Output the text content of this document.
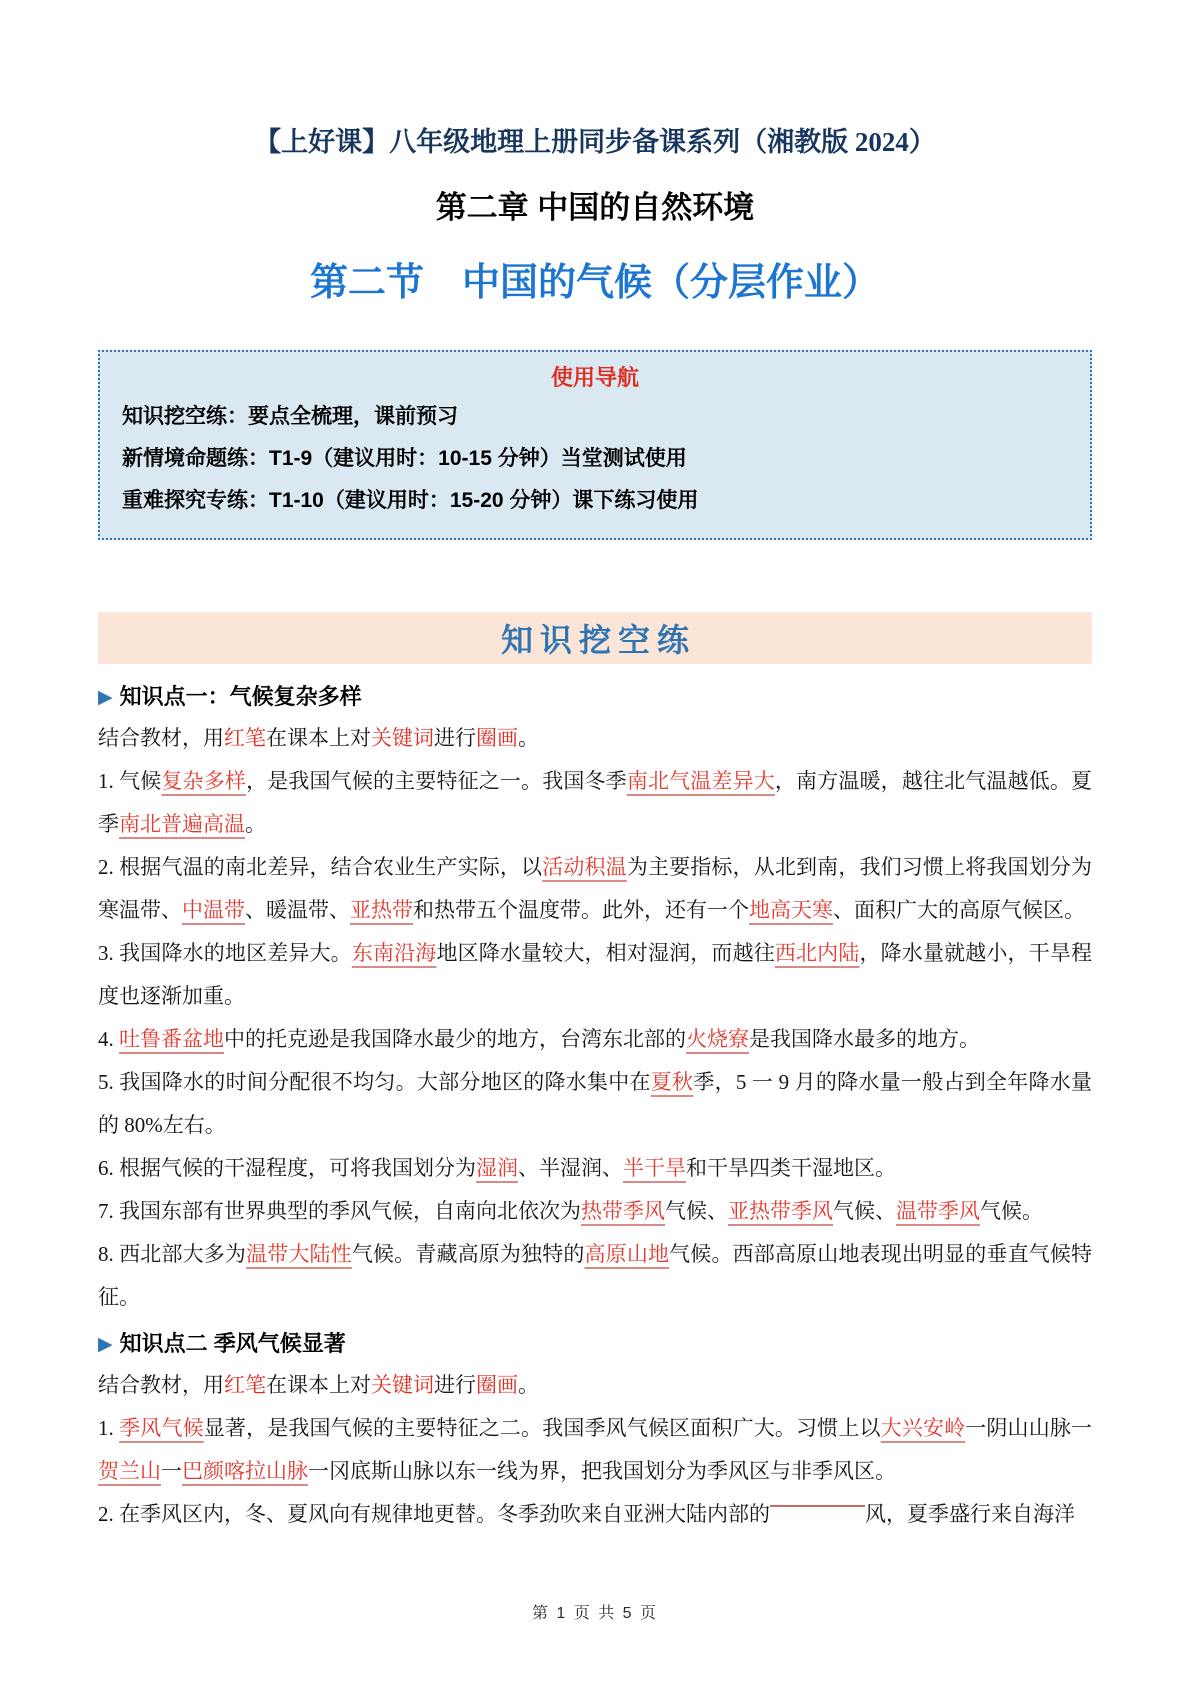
【上好课】八年级地理上册同步备课系列（湘教版 2024）
第二章 中国的自然环境
第二节　中国的气候（分层作业）
使用导航
知识挖空练：要点全梳理，课前预习
新情境命题练：T1-9（建议用时：10-15 分钟）当堂测试使用
重难探究专练：T1-10（建议用时：15-20 分钟）课下练习使用
知识挖空练
▶ 知识点一：气候复杂多样

结合教材，用红笔在课本上对关键词进行圈画。

1. 气候复杂多样，是我国气候的主要特征之一。我国冬季南北气温差异大，南方温暖，越往北气温越低。夏季南北普遍高温。

2. 根据气温的南北差异，结合农业生产实际，以活动积温为主要指标，从北到南，我们习惯上将我国划分为寒温带、中温带、暖温带、亚热带和热带五个温度带。此外，还有一个地高天寒、面积广大的高原气候区。

3. 我国降水的地区差异大。东南沿海地区降水量较大，相对湿润，而越往西北内陆，降水量就越小，干旱程度也逐渐加重。

4. 吐鲁番盆地中的托克逊是我国降水最少的地方，台湾东北部的火烧寮是我国降水最多的地方。

5. 我国降水的时间分配很不均匀。大部分地区的降水集中在夏秋季，5 一 9 月的降水量一般占到全年降水量的 80%左右。

6. 根据气候的干湿程度，可将我国划分为湿润、半湿润、半干旱和干旱四类干湿地区。

7. 我国东部有世界典型的季风气候，自南向北依次为热带季风气候、亚热带季风气候、温带季风气候。

8. 西北部大多为温带大陆性气候。青藏高原为独特的高原山地气候。西部高原山地表现出明显的垂直气候特征。

▶ 知识点二 季风气候显著

结合教材，用红笔在课本上对关键词进行圈画。

1. 季风气候显著，是我国气候的主要特征之二。我国季风气候区面积广大。习惯上以大兴安岭一阴山山脉一贺兰山一巴颜喀拉山脉一冈底斯山脉以东一线为界，把我国划分为季风区与非季风区。

2. 在季风区内，冬、夏风向有规律地更替。冬季劲吹来自亚洲大陆内部的	风，夏季盛行来自海洋

第 1 页 共 5 页
